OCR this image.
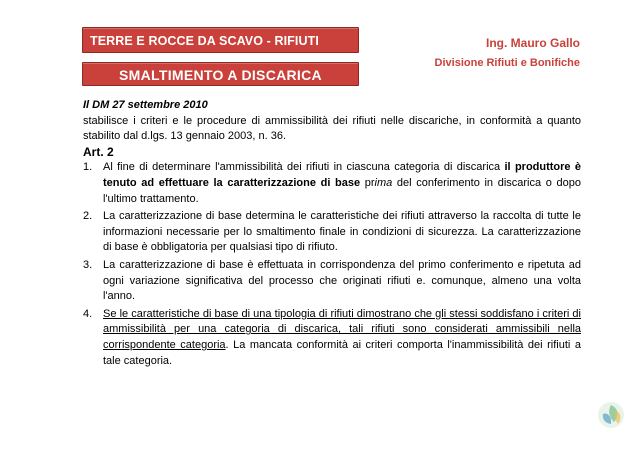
TERRE E ROCCE DA SCAVO - RIFIUTI
SMALTIMENTO A DISCARICA
Ing. Mauro Gallo
Divisione Rifiuti e Bonifiche

Il DM 27 settembre 2010

stabilisce i criteri e le procedure di ammissibilità dei rifiuti nelle discariche, in conformità a quanto stabilito dal d.lgs. 13 gennaio 2003, n. 36.

Art. 2

1. Al fine di determinare l'ammissibilità dei rifiuti in ciascuna categoria di discarica il produttore è tenuto ad effettuare la caratterizzazione di base prima del conferimento in discarica o dopo l'ultimo trattamento.
2. La caratterizzazione di base determina le caratteristiche dei rifiuti attraverso la raccolta di tutte le informazioni necessarie per lo smaltimento finale in condizioni di sicurezza. La caratterizzazione di base è obbligatoria per qualsiasi tipo di rifiuto.
3. La caratterizzazione di base è effettuata in corrispondenza del primo conferimento e ripetuta ad ogni variazione significativa del processo che originati rifiuti e. comunque, almeno una volta l'anno.
4. Se le caratteristiche di base di una tipologia di rifiuti dimostrano che gli stessi soddisfano i criteri di ammissibilità per una categoria di discarica, tali rifiuti sono considerati ammissibili nella corrispondente categoria. La mancata conformità ai criteri comporta l'inammissibilità dei rifiuti a tale categoria.
